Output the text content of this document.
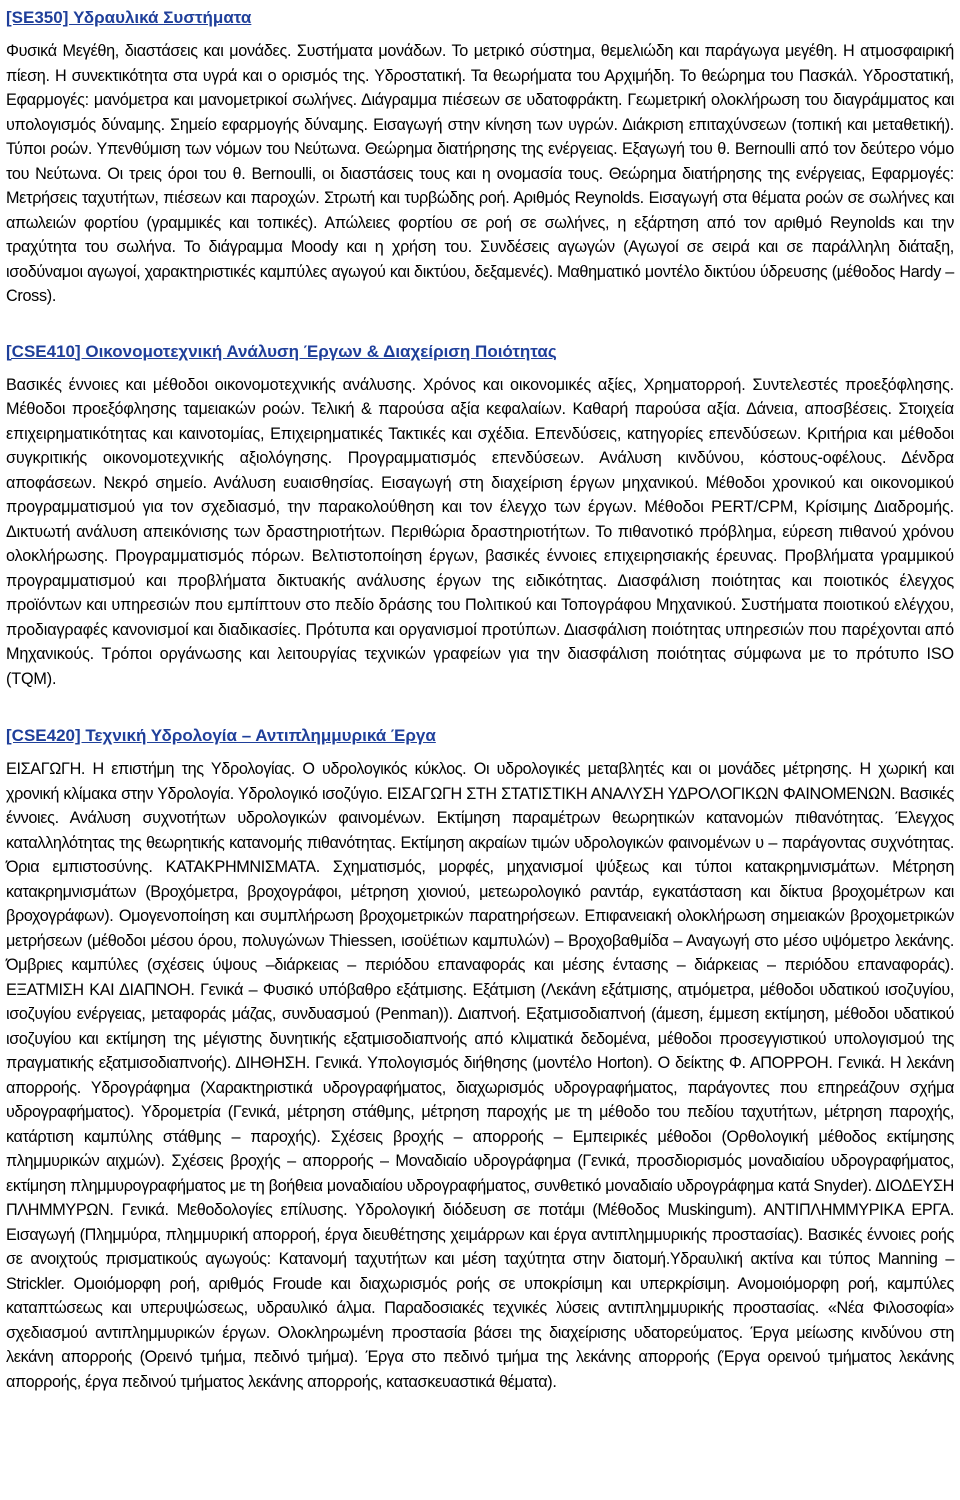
[SE350] Υδραυλικά Συστήματα

Φυσικά Μεγέθη, διαστάσεις και μονάδες. Συστήματα μονάδων. Το μετρικό σύστημα, θεμελιώδη και παράγωγα μεγέθη. Η ατμοσφαιρική πίεση. Η συνεκτικότητα στα υγρά και ο ορισμός της. Υδροστατική. Τα θεωρήματα του Αρχιμήδη. Το θεώρημα του Πασκάλ. Υδροστατική, Εφαρμογές: μανόμετρα και μανομετρικοί σωλήνες. Διάγραμμα πιέσεων σε υδατοφράκτη. Γεωμετρική ολοκλήρωση του διαγράμματος και υπολογισμός δύναμης. Σημείο εφαρμογής δύναμης. Εισαγωγή στην κίνηση των υγρών. Διάκριση επιταχύνσεων (τοπική και μεταθετική). Τύποι ροών. Υπενθύμιση των νόμων του Νεύτωνα. Θεώρημα διατήρησης της ενέργειας. Εξαγωγή του θ. Bernoulli από τον δεύτερο νόμο του Νεύτωνα. Οι τρεις όροι του θ. Bernoulli, οι διαστάσεις τους και η ονομασία τους. Θεώρημα διατήρησης της ενέργειας, Εφαρμογές: Μετρήσεις ταχυτήτων, πιέσεων και παροχών. Στρωτή και τυρβώδης ροή. Αριθμός Reynolds. Εισαγωγή στα θέματα ροών σε σωλήνες και απωλειών φορτίου (γραμμικές και τοπικές). Απώλειες φορτίου σε ροή σε σωλήνες, η εξάρτηση από τον αριθμό Reynolds και την τραχύτητα του σωλήνα. Το διάγραμμα Moody και η χρήση του. Συνδέσεις αγωγών (Αγωγοί σε σειρά και σε παράλληλη διάταξη, ισοδύναμοι αγωγοί, χαρακτηριστικές καμπύλες αγωγού και δικτύου, δεξαμενές). Μαθηματικό μοντέλο δικτύου ύδρευσης (μέθοδος Hardy – Cross).

[CSE410] Οικονομοτεχνική Ανάλυση Έργων & Διαχείριση Ποιότητας

Βασικές έννοιες και μέθοδοι οικονομοτεχνικής ανάλυσης. Χρόνος και οικονομικές αξίες, Χρηματορροή. Συντελεστές προεξόφλησης. Μέθοδοι προεξόφλησης ταμειακών ροών. Τελική & παρούσα αξία κεφαλαίων. Καθαρή παρούσα αξία. Δάνεια, αποσβέσεις. Στοιχεία επιχειρηματικότητας και καινοτομίας, Επιχειρηματικές Τακτικές και σχέδια. Επενδύσεις, κατηγορίες επενδύσεων. Κριτήρια και μέθοδοι συγκριτικής οικονομοτεχνικής αξιολόγησης. Προγραμματισμός επενδύσεων. Ανάλυση κινδύνου, κόστους-οφέλους. Δένδρα αποφάσεων. Νεκρό σημείο. Ανάλυση ευαισθησίας. Εισαγωγή στη διαχείριση έργων μηχανικού. Μέθοδοι χρονικού και οικονομικού προγραμματισμού για τον σχεδιασμό, την παρακολούθηση και τον έλεγχο των έργων. Μέθοδοι PERT/CPM, Κρίσιμης Διαδρομής. Δικτυωτή ανάλυση απεικόνισης των δραστηριοτήτων. Περιθώρια δραστηριοτήτων. Το πιθανοτικό πρόβλημα, εύρεση πιθανού χρόνου ολοκλήρωσης. Προγραμματισμός πόρων. Βελτιστοποίηση έργων, βασικές έννοιες επιχειρησιακής έρευνας. Προβλήματα γραμμικού προγραμματισμού και προβλήματα δικτυακής ανάλυσης έργων της ειδικότητας. Διασφάλιση ποιότητας και ποιοτικός έλεγχος προϊόντων και υπηρεσιών που εμπίπτουν στο πεδίο δράσης του Πολιτικού και Τοπογράφου Μηχανικού. Συστήματα ποιοτικού ελέγχου, προδιαγραφές κανονισμοί και διαδικασίες. Πρότυπα και οργανισμοί προτύπων. Διασφάλιση ποιότητας υπηρεσιών που παρέχονται από Μηχανικούς. Τρόποι οργάνωσης και λειτουργίας τεχνικών γραφείων για την διασφάλιση ποιότητας σύμφωνα με το πρότυπο ISO (TQM).

[CSE420] Τεχνική Υδρολογία – Αντιπλημμυρικά Έργα

ΕΙΣΑΓΩΓΗ. Η επιστήμη της Υδρολογίας. Ο υδρολογικός κύκλος. Οι υδρολογικές μεταβλητές και οι μονάδες μέτρησης. Η χωρική και χρονική κλίμακα στην Υδρολογία. Υδρολογικό ισοζύγιο. ΕΙΣΑΓΩΓΗ ΣΤΗ ΣΤΑΤΙΣΤΙΚΗ ΑΝΑΛΥΣΗ ΥΔΡΟΛΟΓΙΚΩΝ ΦΑΙΝΟΜΕΝΩΝ. Βασικές έννοιες. Ανάλυση συχνοτήτων υδρολογικών φαινομένων. Εκτίμηση παραμέτρων θεωρητικών κατανομών πιθανότητας. Έλεγχος καταλληλότητας της θεωρητικής κατανομής πιθανότητας. Εκτίμηση ακραίων τιμών υδρολογικών φαινομένων υ – παράγοντας συχνότητας. Όρια εμπιστοσύνης. ΚΑΤΑΚΡΗΜΝΙΣΜΑΤΑ. Σχηματισμός, μορφές, μηχανισμοί ψύξεως και τύποι κατακρημνισμάτων. Μέτρηση κατακρημνισμάτων (Βροχόμετρα, βροχογράφοι, μέτρηση χιονιού, μετεωρολογικό ραντάρ, εγκατάσταση και δίκτυα βροχομέτρων και βροχογράφων). Ομογενοποίηση και συμπλήρωση βροχομετρικών παρατηρήσεων. Επιφανειακή ολοκλήρωση σημειακών βροχομετρικών μετρήσεων (μέθοδοι μέσου όρου, πολυγώνων Thiessen, ισοϋέτιων καμπυλών) – Βροχοβαθμίδα – Αναγωγή στο μέσο υψόμετρο λεκάνης. Όμβριες καμπύλες (σχέσεις ύψους –διάρκειας – περιόδου επαναφοράς και μέσης έντασης – διάρκειας – περιόδου επαναφοράς). ΕΞΑΤΜΙΣΗ ΚΑΙ ΔΙΑΠΝΟΗ. Γενικά – Φυσικό υπόβαθρο εξάτμισης. Εξάτμιση (Λεκάνη εξάτμισης, ατμόμετρα, μέθοδοι υδατικού ισοζυγίου, ισοζυγίου ενέργειας, μεταφοράς μάζας, συνδυασμού (Penman)). Διαπνοή. Εξατμισοδιαπνοή (άμεση, έμμεση εκτίμηση, μέθοδοι υδατικού ισοζυγίου και εκτίμηση της μέγιστης δυνητικής εξατμισοδιαπνοής από κλιματικά δεδομένα, μέθοδοι προσεγγιστικού υπολογισμού της πραγματικής εξατμισοδιαπνοής). ΔΙΗΘΗΣΗ. Γενικά. Υπολογισμός διήθησης (μοντέλο Horton). Ο δείκτης Φ. ΑΠΟΡΡΟΗ. Γενικά. Η λεκάνη απορροής. Υδρογράφημα (Χαρακτηριστικά υδρογραφήματος, διαχωρισμός υδρογραφήματος, παράγοντες που επηρεάζουν σχήμα υδρογραφήματος). Υδρομετρία (Γενικά, μέτρηση στάθμης, μέτρηση παροχής με τη μέθοδο του πεδίου ταχυτήτων, μέτρηση παροχής, κατάρτιση καμπύλης στάθμης – παροχής). Σχέσεις βροχής – απορροής – Εμπειρικές μέθοδοι (Ορθολογική μέθοδος εκτίμησης πλημμυρικών αιχμών). Σχέσεις βροχής – απορροής – Μοναδιαίο υδρογράφημα (Γενικά, προσδιορισμός μοναδιαίου υδρογραφήματος, εκτίμηση πλημμυρογραφήματος με τη βοήθεια μοναδιαίου υδρογραφήματος, συνθετικό μοναδιαίο υδρογράφημα κατά Snyder). ΔΙΟΔΕΥΣΗ ΠΛΗΜΜΥΡΩΝ. Γενικά. Μεθοδολογίες επίλυσης. Υδρολογική διόδευση σε ποτάμι (Μέθοδος Muskingum). ΑΝΤΙΠΛΗΜΜΥΡΙΚΑ ΕΡΓΑ. Εισαγωγή (Πλημμύρα, πλημμυρική απορροή, έργα διευθέτησης χειμάρρων και έργα αντιπλημμυρικής προστασίας). Βασικές έννοιες ροής σε ανοιχτούς πρισματικούς αγωγούς: Κατανομή ταχυτήτων και μέση ταχύτητα στην διατομή.Υδραυλική ακτίνα και τύπος Manning – Strickler. Ομοιόμορφη ροή, αριθμός Froude και διαχωρισμός ροής σε υποκρίσιμη και υπερκρίσιμη. Ανομοιόμορφη ροή, καμπύλες καταπτώσεως και υπερυψώσεως, υδραυλικό άλμα. Παραδοσιακές τεχνικές λύσεις αντιπλημμυρικής προστασίας. «Νέα Φιλοσοφία» σχεδιασμού αντιπλημμυρικών έργων. Ολοκληρωμένη προστασία βάσει της διαχείρισης υδατορεύματος. Έργα μείωσης κινδύνου στη λεκάνη απορροής (Ορεινό τμήμα, πεδινό τμήμα). Έργα στο πεδινό τμήμα της λεκάνης απορροής (Έργα ορεινού τμήματος λεκάνης απορροής, έργα πεδινού τμήματος λεκάνης απορροής, κατασκευαστικά θέματα).
